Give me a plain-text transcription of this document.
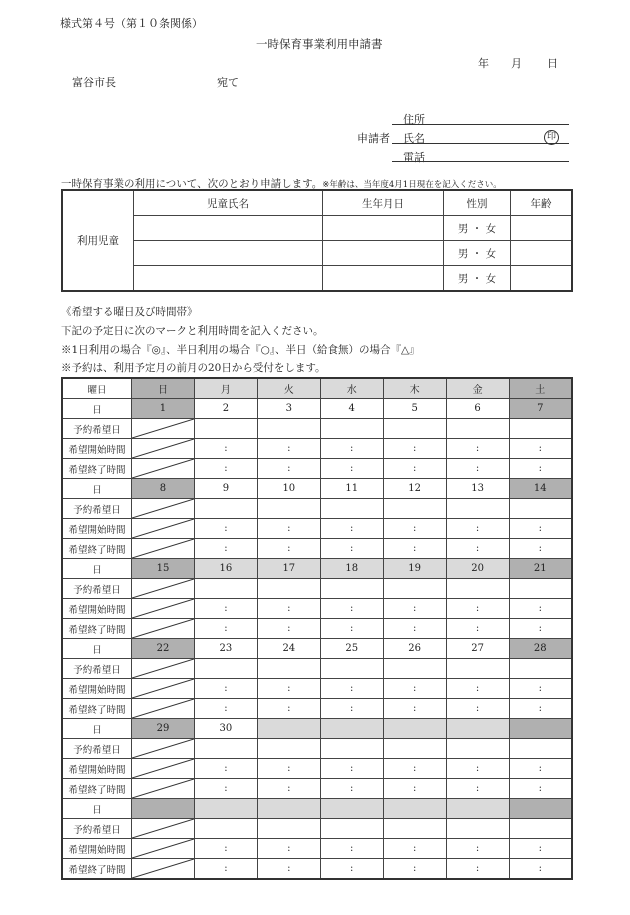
様式第４号（第１０条関係）
一時保育事業利用申請書
年 月 日
富谷市長	宛て
住所
申請者 氏名	印
電話
一時保育事業の利用について、次のとおり申請します。※年齢は、当年度4月1日現在を記入ください。
利用児童	児童氏名	生年月日	性別	年齢
			男 ・ 女	
			男 ・ 女	
			男 ・ 女	
《希望する曜日及び時間帯》
下記の予定日に次のマークと利用時間を記入ください。
※1日利用の場合『◎』、半日利用の場合『○』、半日（給食無）の場合『△』
※予約は、利用予定月の前月の20日から受付をします。
曜日	日	月	火	水	木	金	土
日	1	2	3	4	5	6	7
予約希望日	

希望開始時間		:	:	:	:	:	:
希望終了時間		:	:	:	:	:	:
日	8	9	10	11	12	13	14
予約希望日	

希望開始時間		:	:	:	:	:	:
希望終了時間		:	:	:	:	:	:
日	15	16	17	18	19	20	21
予約希望日	

希望開始時間		:	:	:	:	:	:
希望終了時間		:	:	:	:	:	:
日	22	23	24	25	26	27	28
予約希望日	

希望開始時間		:	:	:	:	:	:
希望終了時間		:	:	:	:	:	:
日	29	30					
予約希望日	

希望開始時間		:	:	:	:	:	:
希望終了時間		:	:	:	:	:	:
日							
予約希望日	

希望開始時間		:	:	:	:	:	:
希望終了時間		:	:	:	:	:	:
